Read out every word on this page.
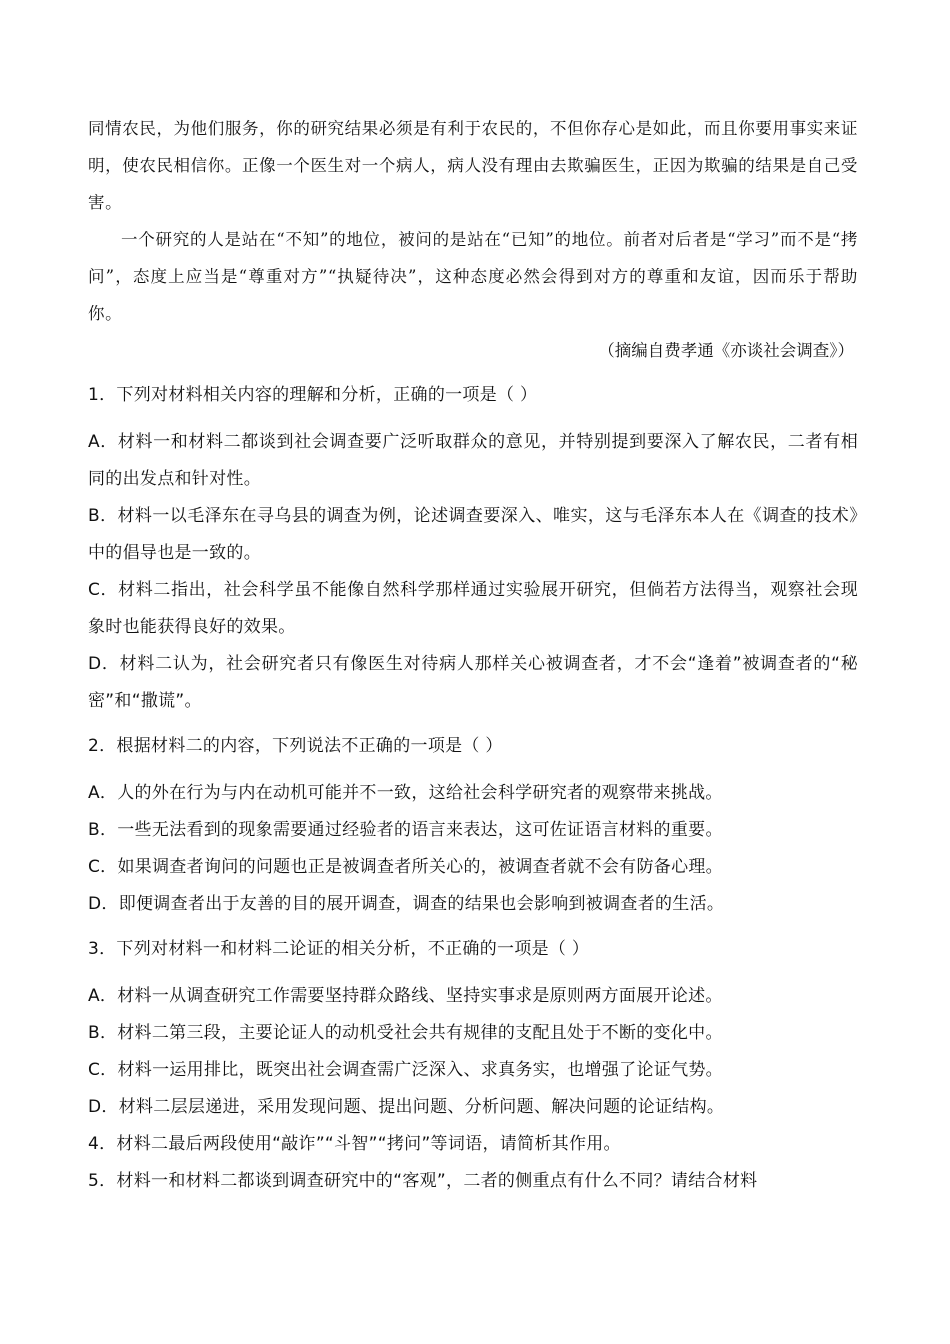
同情农民，为他们服务，你的研究结果必须是有利于农民的，不但你存心是如此，而且你要用事实来证明，使农民相信你。正像一个医生对一个病人，病人没有理由去欺骗医生，正因为欺骗的结果是自己受害。

一个研究的人是站在“不知”的地位，被问的是站在“已知”的地位。前者对后者是“学习”而不是“拷问”，态度上应当是“尊重对方”“执疑待决”，这种态度必然会得到对方的尊重和友谊，因而乐于帮助你。

（摘编自费孝通《亦谈社会调查》）

1．下列对材料相关内容的理解和分析，正确的一项是（ ）

A．材料一和材料二都谈到社会调查要广泛听取群众的意见，并特别提到要深入了解农民，二者有相同的出发点和针对性。

B．材料一以毛泽东在寻乌县的调查为例，论述调查要深入、唯实，这与毛泽东本人在《调查的技术》中的倡导也是一致的。

C．材料二指出，社会科学虽不能像自然科学那样通过实验展开研究，但倘若方法得当，观察社会现象时也能获得良好的效果。

D．材料二认为，社会研究者只有像医生对待病人那样关心被调查者，才不会“逢着”被调查者的“秘密”和“撒谎”。

2．根据材料二的内容，下列说法不正确的一项是（ ）

A．人的外在行为与内在动机可能并不一致，这给社会科学研究者的观察带来挑战。

B．一些无法看到的现象需要通过经验者的语言来表达，这可佐证语言材料的重要。

C．如果调查者询问的问题也正是被调查者所关心的，被调查者就不会有防备心理。

D．即便调查者出于友善的目的展开调查，调查的结果也会影响到被调查者的生活。

3．下列对材料一和材料二论证的相关分析，不正确的一项是（ ）

A．材料一从调查研究工作需要坚持群众路线、坚持实事求是原则两方面展开论述。

B．材料二第三段，主要论证人的动机受社会共有规律的支配且处于不断的变化中。

C．材料一运用排比，既突出社会调查需广泛深入、求真务实，也增强了论证气势。

D．材料二层层递进，采用发现问题、提出问题、分析问题、解决问题的论证结构。

4．材料二最后两段使用“敲诈”“斗智”“拷问”等词语，请简析其作用。

5．材料一和材料二都谈到调查研究中的“客观”，二者的侧重点有什么不同？请结合材料
